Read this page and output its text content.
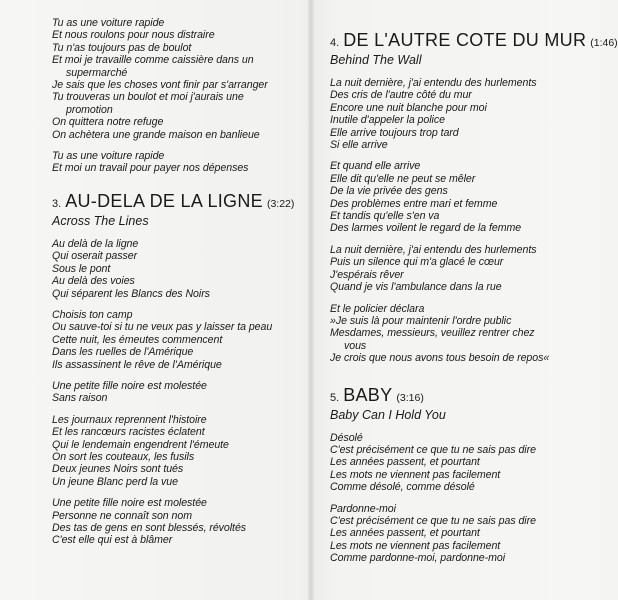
Tu as une voiture rapide
Et nous roulons pour nous distraire
Tu n'as toujours pas de boulot
Et moi je travaille comme caissière dans un
supermarché
Je sais que les choses vont finir par s'arranger
Tu trouveras un boulot et moi j'aurais une
promotion
On quittera notre refuge
On achètera une grande maison en banlieue
Tu as une voiture rapide
Et moi un travail pour payer nos dépenses
3. AU-DELA DE LA LIGNE (3:22)
Across The Lines
Au delà de la ligne
Qui oserait passer
Sous le pont
Au delà des voies
Qui séparent les Blancs des Noirs
Choisis ton camp
Ou sauve-toi si tu ne veux pas y laisser ta peau
Cette nuit, les émeutes commencent
Dans les ruelles de l'Amérique
Ils assassinent le rêve de l'Amérique
Une petite fille noire est molestée
Sans raison
Les journaux reprennent l'histoire
Et les rancœurs racistes éclatent
Qui le lendemain engendrent l'émeute
On sort les couteaux, les fusils
Deux jeunes Noirs sont tués
Un jeune Blanc perd la vue
Une petite fille noire est molestée
Personne ne connaît son nom
Des tas de gens en sont blessés, révoltés
C'est elle qui est à blâmer
4. DE L'AUTRE COTE DU MUR (1:46)
Behind The Wall
La nuit dernière, j'ai entendu des hurlements
Des cris de l'autre côté du mur
Encore une nuit blanche pour moi
Inutile d'appeler la police
Elle arrive toujours trop tard
Si elle arrive
Et quand elle arrive
Elle dit qu'elle ne peut se mêler
De la vie privée des gens
Des problèmes entre mari et femme
Et tandis qu'elle s'en va
Des larmes voilent le regard de la femme
La nuit dernière, j'ai entendu des hurlements
Puis un silence qui m'a glacé le cœur
J'espérais rêver
Quand je vis l'ambulance dans la rue
Et le policier déclara
»Je suis là pour maintenir l'ordre public
Mesdames, messieurs, veuillez rentrer chez
vous
Je crois que nous avons tous besoin de repos«
5. BABY (3:16)
Baby Can I Hold You
Désolé
C'est précisément ce que tu ne sais pas dire
Les années passent, et pourtant
Les mots ne viennent pas facilement
Comme désolé, comme désolé
Pardonne-moi
C'est précisément ce que tu ne sais pas dire
Les années passent, et pourtant
Les mots ne viennent pas facilement
Comme pardonne-moi, pardonne-moi
